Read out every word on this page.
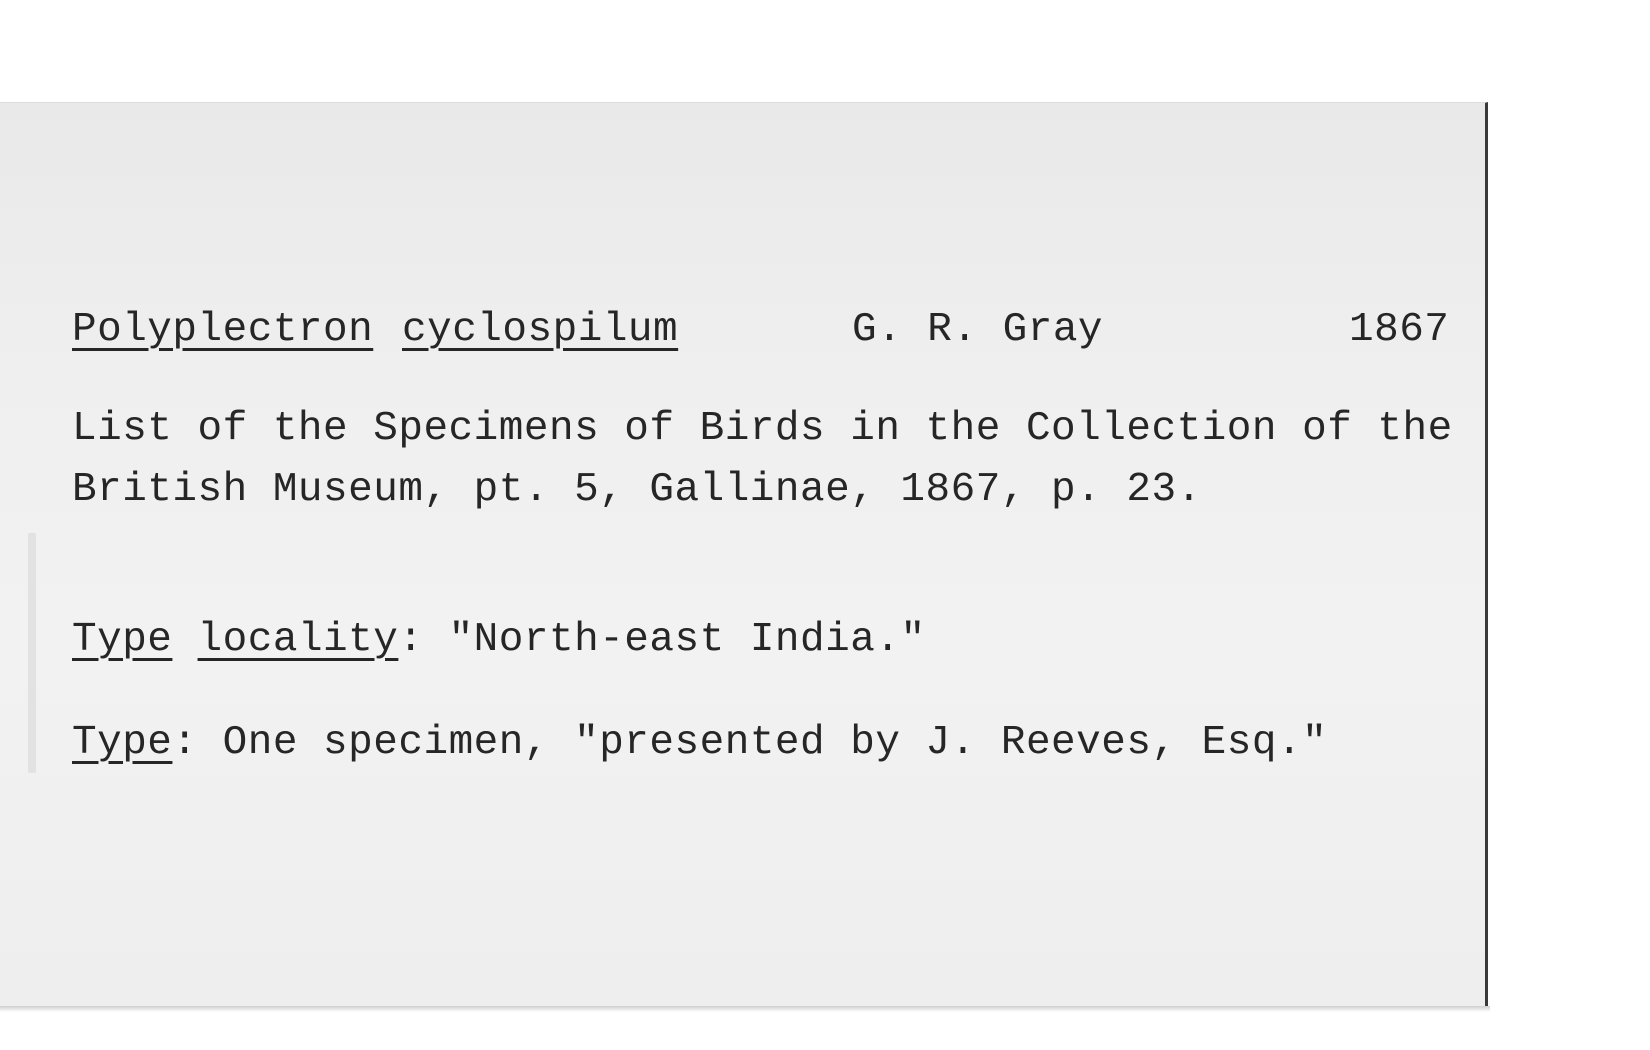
Polyplectron cyclospilum	G. R. Gray	1867
List of the Specimens of Birds in the Collection of the
British Museum, pt. 5, Gallinae, 1867, p. 23.
Type locality: "North-east India."
Type: One specimen, "presented by J. Reeves, Esq."
